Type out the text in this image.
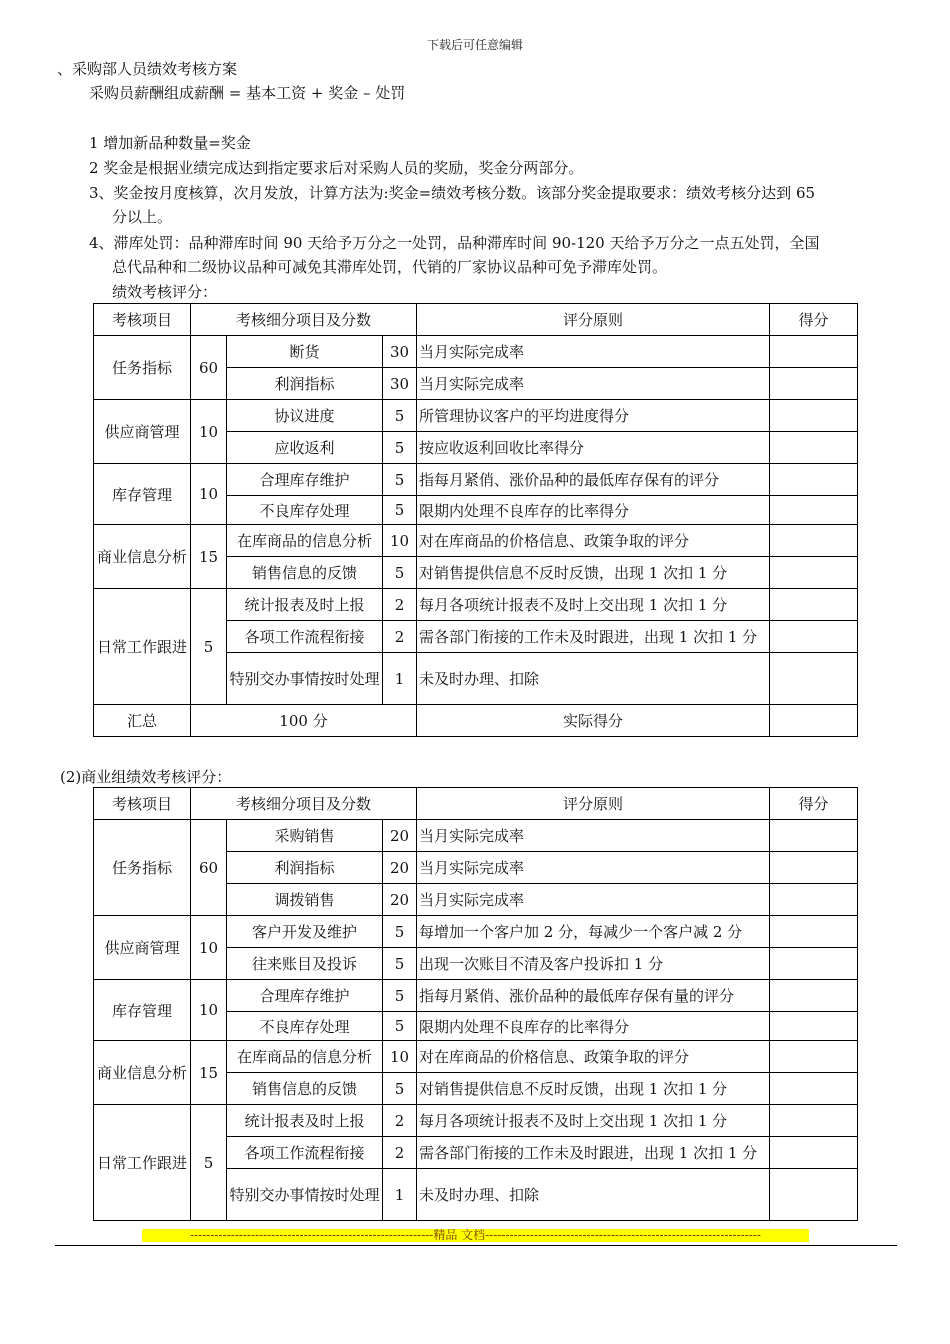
下载后可任意编辑
、采购部人员绩效考核方案
采购员薪酬组成薪酬 = 基本工资 + 奖金 – 处罚
1 增加新品种数量=奖金
2 奖金是根据业绩完成达到指定要求后对采购人员的奖励，奖金分两部分。
3、奖金按月度核算，次月发放，计算方法为:奖金=绩效考核分数。该部分奖金提取要求：绩效考核分达到 65
分以上。
4、滞库处罚：品种滞库时间 90 天给予万分之一处罚，品种滞库时间 90-120 天给予万分之一点五处罚，全国
总代品种和二级协议品种可减免其滞库处罚，代销的厂家协议品种可免予滞库处罚。
绩效考核评分：
考核项目	考核细分项目及分数			评分原则	得分
任务指标	60	断货	30	当月实际完成率	
		利润指标	30	当月实际完成率	
供应商管理	10	协议进度	5	所管理协议客户的平均进度得分	
		应收返利	5	按应收返利回收比率得分	
库存管理	10	合理库存维护	5	指每月紧俏、涨价品种的最低库存保有的评分	
		不良库存处理	5	限期内处理不良库存的比率得分	
商业信息分析	15	在库商品的信息分析	10	对在库商品的价格信息、政策争取的评分	
		销售信息的反馈	5	对销售提供信息不反时反馈，出现 1 次扣 1 分	
日常工作跟进	5	统计报表及时上报	2	每月各项统计报表不及时上交出现 1 次扣 1 分	
		各项工作流程衔接	2	需各部门衔接的工作未及时跟进，出现 1 次扣 1 分	
		特别交办事情按时处理	1	未及时办理、扣除	
汇总	100 分			实际得分	
(2)商业组绩效考核评分：
考核项目	考核细分项目及分数			评分原则	得分
任务指标	60	采购销售	20	当月实际完成率	
		利润指标	20	当月实际完成率	
		调拨销售	20	当月实际完成率	
供应商管理	10	客户开发及维护	5	每增加一个客户加 2 分，每减少一个客户减 2 分	
		往来账目及投诉	5	出现一次账目不清及客户投诉扣 1 分	
库存管理	10	合理库存维护	5	指每月紧俏、涨价品种的最低库存保有量的评分	
		不良库存处理	5	限期内处理不良库存的比率得分	
商业信息分析	15	在库商品的信息分析	10	对在库商品的价格信息、政策争取的评分	
		销售信息的反馈	5	对销售提供信息不反时反馈，出现 1 次扣 1 分	
日常工作跟进	5	统计报表及时上报	2	每月各项统计报表不及时上交出现 1 次扣 1 分	
		各项工作流程衔接	2	需各部门衔接的工作未及时跟进，出现 1 次扣 1 分	
		特别交办事情按时处理	1	未及时办理、扣除	
------------------------------------------------------------精品 文档--------------------------------------------------------------------
